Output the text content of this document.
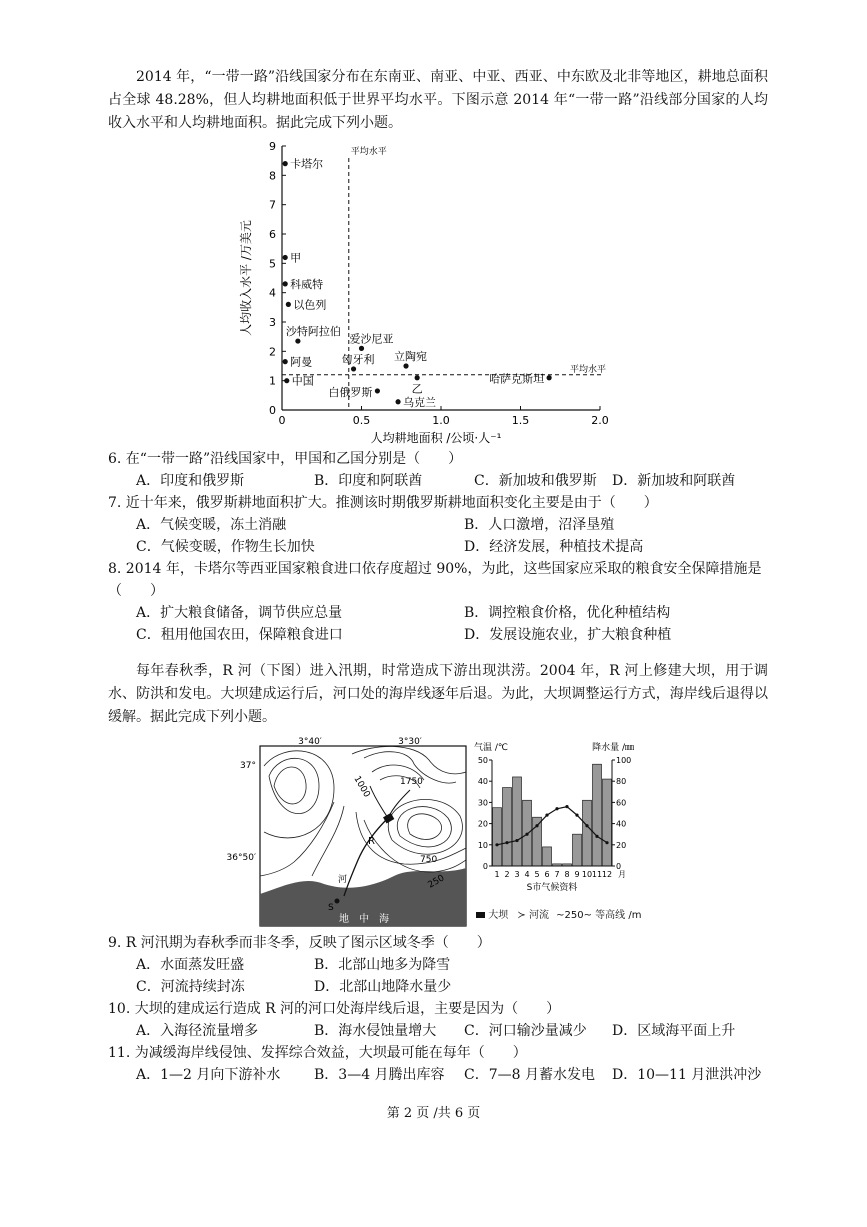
2014 年，“一带一路”沿线国家分布在东南亚、南亚、中亚、西亚、中东欧及北非等地区，耕地总面积占全球 48.28%，但人均耕地面积低于世界平均水平。下图示意 2014 年“一带一路”沿线部分国家的人均收入水平和人均耕地面积。据此完成下列小题。
0
1
2
3
4
5
6
7
8
9
0	0.5	1.0	1.5	2.0
平均水平
平均水平
人均耕地面积 /公顷·人⁻¹
人均收入水平 /万美元
卡塔尔
甲
科威特
以色列
沙特阿拉伯
阿曼
中国
爱沙尼亚
匈牙利 立陶宛
白俄罗斯	乙
乌克兰
哈萨克斯坦
6. 在“一带一路”沿线国家中，甲国和乙国分别是（　　）
A．印度和俄罗斯	B．印度和阿联酋	C．新加坡和俄罗斯 D．新加坡和阿联酋
7. 近十年来，俄罗斯耕地面积扩大。推测该时期俄罗斯耕地面积变化主要是由于（　　）
A．气候变暖，冻土消融	B．人口激增，沼泽垦殖
C．气候变暖，作物生长加快	D．经济发展，种植技术提高
8. 2014 年，卡塔尔等西亚国家粮食进口依存度超过 90%，为此，这些国家应采取的粮食安全保障措施是（　　）
A．扩大粮食储备，调节供应总量	B．调控粮食价格，优化种植结构
C．租用他国农田，保障粮食进口	D．发展设施农业，扩大粮食种植
每年春秋季，R 河（下图）进入汛期，时常造成下游出现洪涝。2004 年，R 河上修建大坝，用于调水、防洪和发电。大坝建成运行后，河口处的海岸线逐年后退。为此，大坝调整运行方式，海岸线后退得以缓解。据此完成下列小题。
3°40′	3°30′
37°
36°50′
1000	1750
750
250
R
河
S
地　中　海
0
10
20
30
40
50
0
20
40
60
80
100
1 2 3 4 5 6 7 8 9 10 11 12 月
气温 /℃	降水量 /㎜
S市气候资料
大坝 ≻ 河流 ~250~ 等高线 /m
9. R 河汛期为春秋季而非冬季，反映了图示区域冬季（　　）
A．水面蒸发旺盛	B．北部山地多为降雪
C．河流持续封冻	D．北部山地降水量少
10. 大坝的建成运行造成 R 河的河口处海岸线后退，主要是因为（　　）
A．入海径流量增多	B．海水侵蚀量增大 C．河口输沙量减少 D．区域海平面上升
11. 为减缓海岸线侵蚀、发挥综合效益，大坝最可能在每年（　　）
A．1—2 月向下游补水 B．3—4 月腾出库容 C．7—8 月蓄水发电 D．10—11 月泄洪冲沙
第 2 页 /共 6 页
